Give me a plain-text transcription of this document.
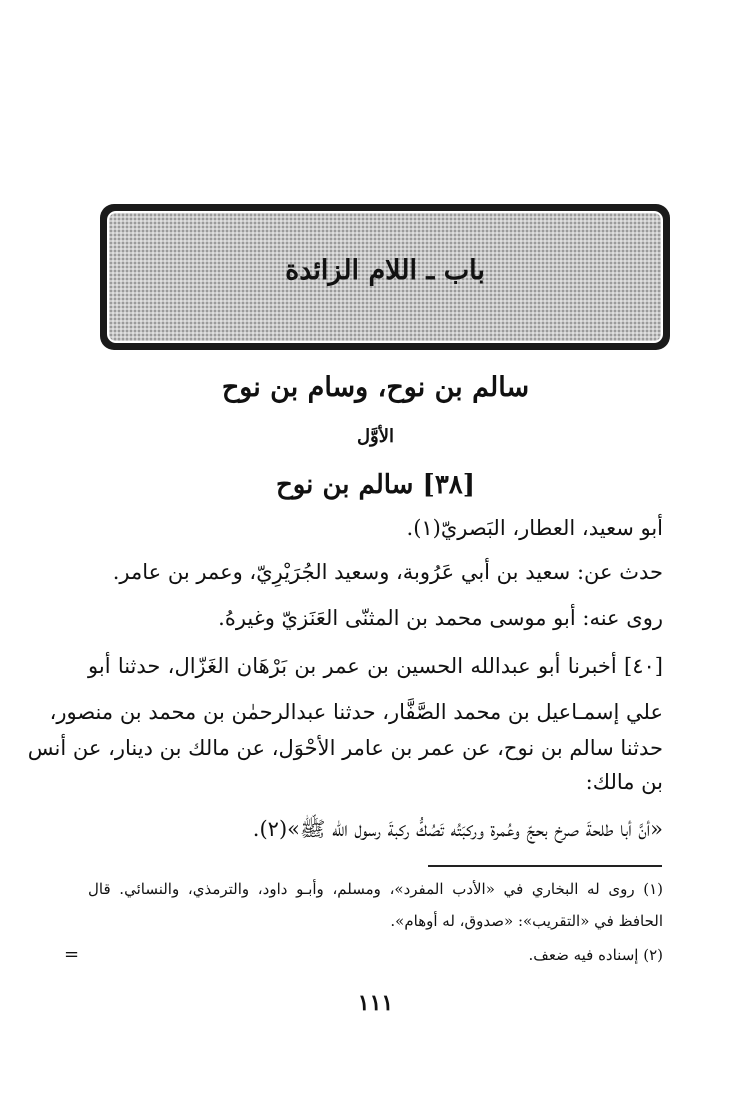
باب ـ اللام الزائدة
سالم بن نوح، وسام بن نوح
الأوَّل
[٣٨] سالم بن نوح
أبو سعيد، العطار، البَصريّ(١).
حدث عن: سعيد بن أبي عَرُوبة، وسعيد الجُرَيْرِيّ، وعمر بن عامر.
روى عنه: أبو موسى محمد بن المثنّى العَنَزيّ وغيرهُ.
[٤٠] أخبرنا أبو عبدالله الحسين بن عمر بن بَرْهَان الغَزّال، حدثنا أبو
علي إسمـاعيل بن محمد الصَّفَّار، حدثنا عبدالرحمٰن بن محمد بن منصور،
حدثنا سالم بن نوح، عن عمر بن عامر الأحْوَل، عن مالك بن دينار، عن أنس
بن مالك:
«أنَّ أبا طلحةَ صرخ بحجّ وعُمرة وركبَتُه تَصُكُّ ركبةَ رسول الله ﷺ»(٢).
(١) روى له البخاري في «الأدب المفرد»، ومسلم، وأبـو داود، والترمذي، والنسائي. قال
الحافظ في «التقريب»: «صدوق، له أوهام».
(٢) إسناده فيه ضعف.
=
١١١
